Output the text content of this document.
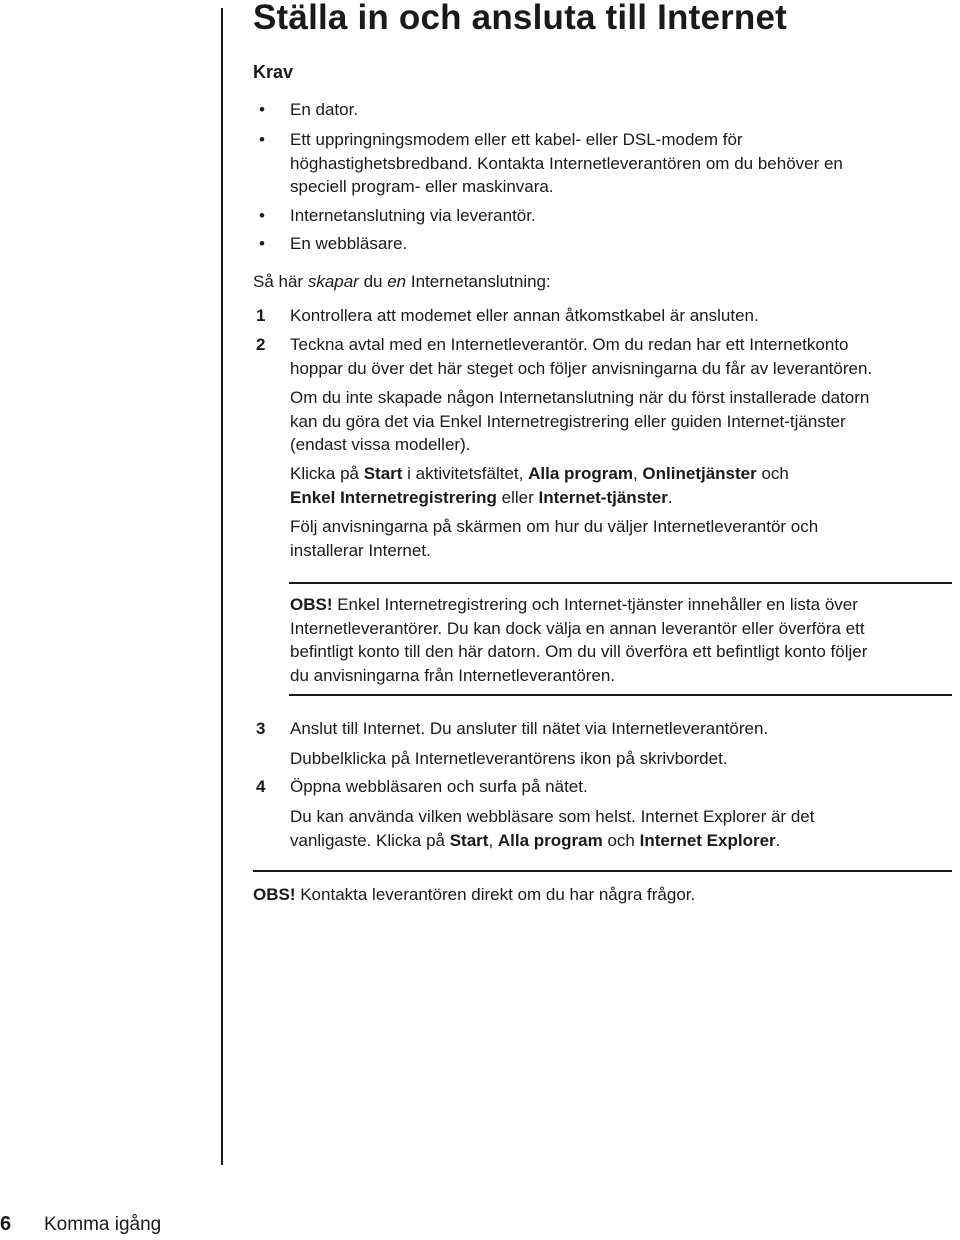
Ställa in och ansluta till Internet
Krav
• En dator.

• Ett uppringningsmodem eller ett kabel- eller DSL-modem för
höghastighetsbredband. Kontakta Internetleverantören om du behöver en
speciell program- eller maskinvara.

• Internetanslutning via leverantör.

• En webbläsare.

Så här skapar du en Internetanslutning:

1 Kontrollera att modemet eller annan åtkomstkabel är ansluten.

2 Teckna avtal med en Internetleverantör. Om du redan har ett Internetkonto
hoppar du över det här steget och följer anvisningarna du får av leverantören.

Om du inte skapade någon Internetanslutning när du först installerade datorn
kan du göra det via Enkel Internetregistrering eller guiden Internet-tjänster
(endast vissa modeller).

Klicka på Start i aktivitetsfältet, Alla program, Onlinetjänster och
Enkel Internetregistrering eller Internet-tjänster.

Följ anvisningarna på skärmen om hur du väljer Internetleverantör och
installerar Internet.

OBS! Enkel Internetregistrering och Internet-tjänster innehåller en lista över
Internetleverantörer. Du kan dock välja en annan leverantör eller överföra ett
befintligt konto till den här datorn. Om du vill överföra ett befintligt konto följer
du anvisningarna från Internetleverantören.

3 Anslut till Internet. Du ansluter till nätet via Internetleverantören.

Dubbelklicka på Internetleverantörens ikon på skrivbordet.

4 Öppna webbläsaren och surfa på nätet.

Du kan använda vilken webbläsare som helst. Internet Explorer är det
vanligaste. Klicka på Start, Alla program och Internet Explorer.

OBS! Kontakta leverantören direkt om du har några frågor.

6 Komma igång
